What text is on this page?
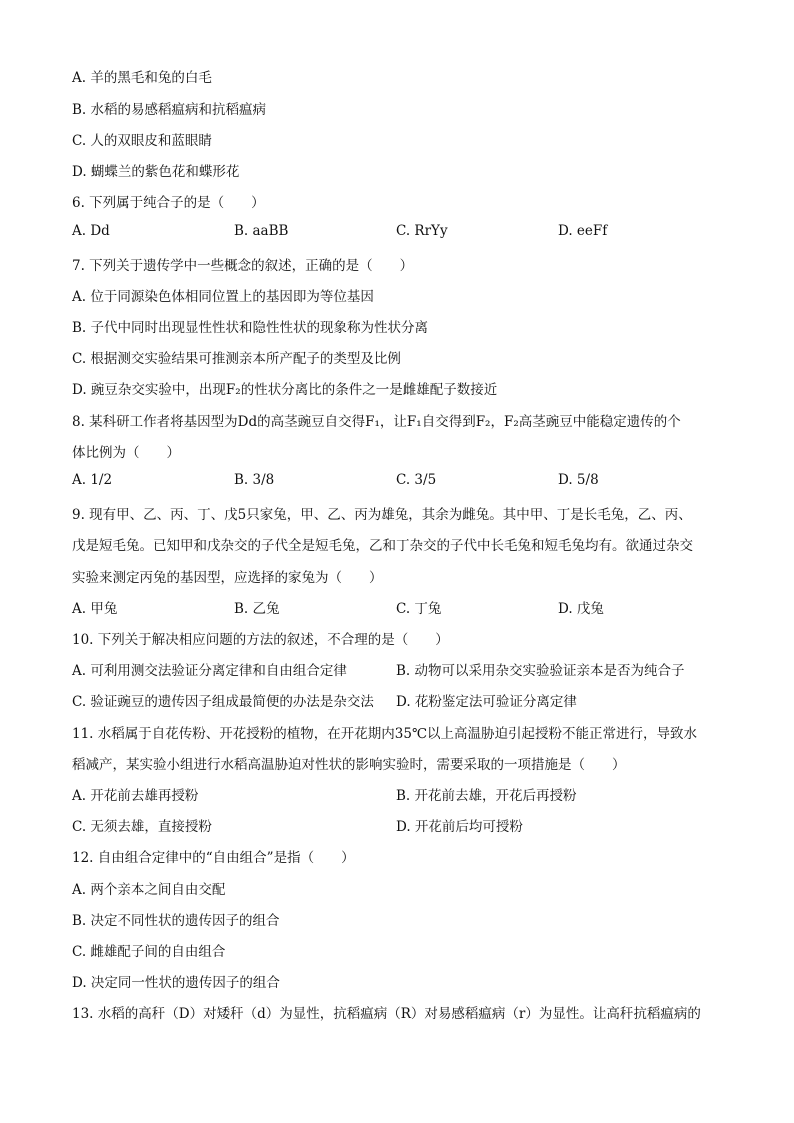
A. 羊的黑毛和兔的白毛
B. 水稻的易感稻瘟病和抗稻瘟病
C. 人的双眼皮和蓝眼睛
D. 蝴蝶兰的紫色花和蝶形花
6. 下列属于纯合子的是（　　）
A. Dd	B. aaBB	C. RrYy	D. eeFf
7. 下列关于遗传学中一些概念的叙述，正确的是（　　）
A. 位于同源染色体相同位置上的基因即为等位基因
B. 子代中同时出现显性性状和隐性性状的现象称为性状分离
C. 根据测交实验结果可推测亲本所产配子的类型及比例
D. 豌豆杂交实验中，出现F₂的性状分离比的条件之一是雌雄配子数接近
8. 某科研工作者将基因型为Dd的高茎豌豆自交得F₁，让F₁自交得到F₂，F₂高茎豌豆中能稳定遗传的个
体比例为（　　）
A. 1/2	B. 3/8	C. 3/5	D. 5/8
9. 现有甲、乙、丙、丁、戊5只家兔，甲、乙、丙为雄兔，其余为雌兔。其中甲、丁是长毛兔，乙、丙、
戊是短毛兔。已知甲和戊杂交的子代全是短毛兔，乙和丁杂交的子代中长毛兔和短毛兔均有。欲通过杂交
实验来测定丙兔的基因型，应选择的家兔为（　　）
A. 甲兔	B. 乙兔	C. 丁兔	D. 戊兔
10. 下列关于解决相应问题的方法的叙述，不合理的是（　　）
A. 可利用测交法验证分离定律和自由组合定律	B. 动物可以采用杂交实验验证亲本是否为纯合子
C. 验证豌豆的遗传因子组成最简便的办法是杂交法	D. 花粉鉴定法可验证分离定律
11. 水稻属于自花传粉、开花授粉的植物，在开花期内35℃以上高温胁迫引起授粉不能正常进行，导致水
稻减产，某实验小组进行水稻高温胁迫对性状的影响实验时，需要采取的一项措施是（　　）
A. 开花前去雄再授粉	B. 开花前去雄，开花后再授粉
C. 无须去雄，直接授粉	D. 开花前后均可授粉
12. 自由组合定律中的“自由组合”是指（　　）
A. 两个亲本之间自由交配
B. 决定不同性状的遗传因子的组合
C. 雌雄配子间的自由组合
D. 决定同一性状的遗传因子的组合
13. 水稻的高秆（D）对矮秆（d）为显性，抗稻瘟病（R）对易感稻瘟病（r）为显性。让高秆抗稻瘟病的
